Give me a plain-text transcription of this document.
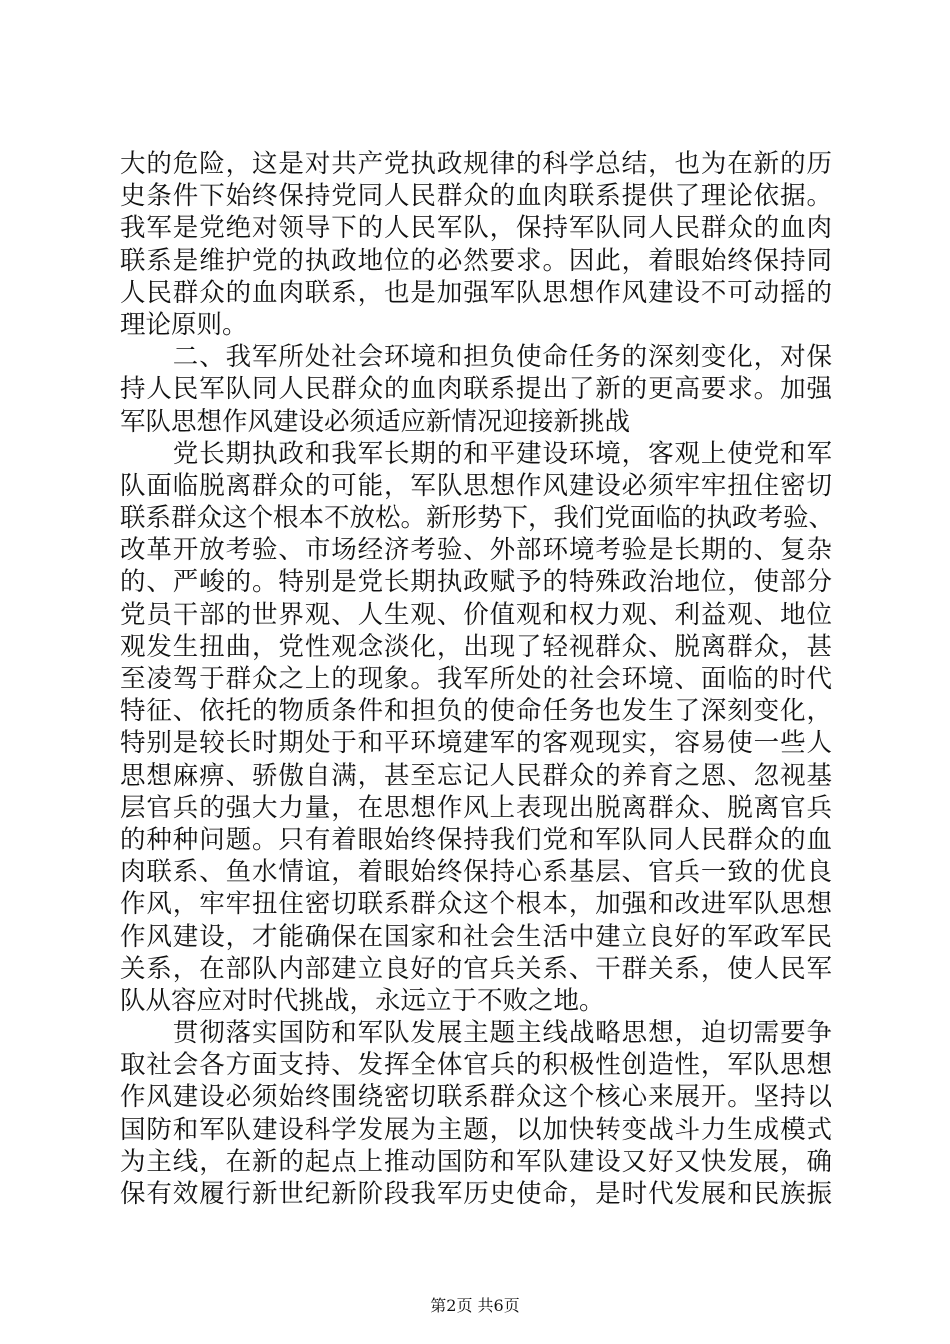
大的危险，这是对共产党执政规律的科学总结，也为在新的历
史条件下始终保持党同人民群众的血肉联系提供了理论依据。
我军是党绝对领导下的人民军队，保持军队同人民群众的血肉
联系是维护党的执政地位的必然要求。因此，着眼始终保持同
人民群众的血肉联系，也是加强军队思想作风建设不可动摇的
理论原则。
　　二、我军所处社会环境和担负使命任务的深刻变化，对保
持人民军队同人民群众的血肉联系提出了新的更高要求。加强
军队思想作风建设必须适应新情况迎接新挑战
　　党长期执政和我军长期的和平建设环境，客观上使党和军
队面临脱离群众的可能，军队思想作风建设必须牢牢扭住密切
联系群众这个根本不放松。新形势下，我们党面临的执政考验、
改革开放考验、市场经济考验、外部环境考验是长期的、复杂
的、严峻的。特别是党长期执政赋予的特殊政治地位，使部分
党员干部的世界观、人生观、价值观和权力观、利益观、地位
观发生扭曲，党性观念淡化，出现了轻视群众、脱离群众，甚
至凌驾于群众之上的现象。我军所处的社会环境、面临的时代
特征、依托的物质条件和担负的使命任务也发生了深刻变化，
特别是较长时期处于和平环境建军的客观现实，容易使一些人
思想麻痹、骄傲自满，甚至忘记人民群众的养育之恩、忽视基
层官兵的强大力量，在思想作风上表现出脱离群众、脱离官兵
的种种问题。只有着眼始终保持我们党和军队同人民群众的血
肉联系、鱼水情谊，着眼始终保持心系基层、官兵一致的优良
作风，牢牢扭住密切联系群众这个根本，加强和改进军队思想
作风建设，才能确保在国家和社会生活中建立良好的军政军民
关系，在部队内部建立良好的官兵关系、干群关系，使人民军
队从容应对时代挑战，永远立于不败之地。
　　贯彻落实国防和军队发展主题主线战略思想，迫切需要争
取社会各方面支持、发挥全体官兵的积极性创造性，军队思想
作风建设必须始终围绕密切联系群众这个核心来展开。坚持以
国防和军队建设科学发展为主题，以加快转变战斗力生成模式
为主线，在新的起点上推动国防和军队建设又好又快发展，确
保有效履行新世纪新阶段我军历史使命，是时代发展和民族振
第2页 共6页
